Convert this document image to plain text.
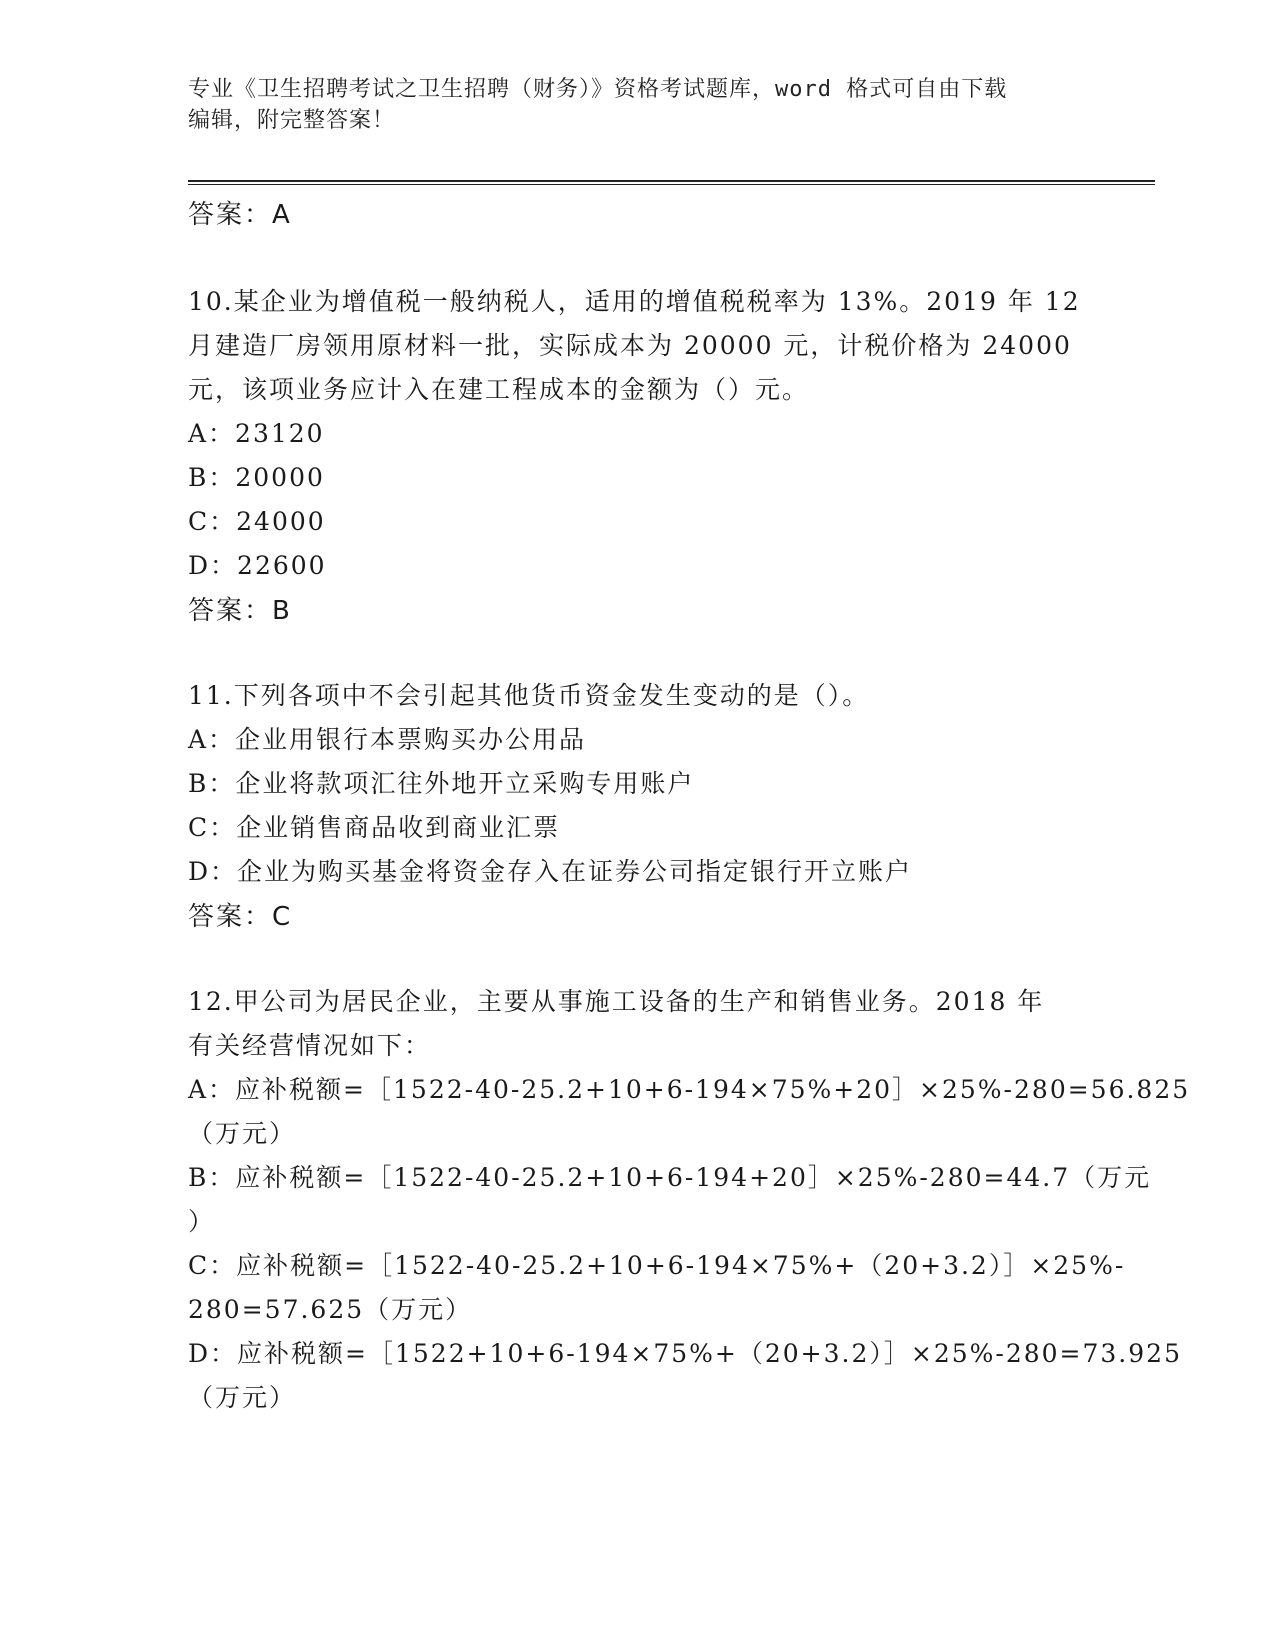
专业《卫生招聘考试之卫生招聘（财务）》资格考试题库，word 格式可自由下载
编辑，附完整答案！
答案：A
10.某企业为增值税一般纳税人，适用的增值税税率为 13%。2019 年 12
月建造厂房领用原材料一批，实际成本为 20000 元，计税价格为 24000
元，该项业务应计入在建工程成本的金额为（）元。
A：23120
B：20000
C：24000
D：22600
答案：B
11.下列各项中不会引起其他货币资金发生变动的是（）。
A：企业用银行本票购买办公用品
B：企业将款项汇往外地开立采购专用账户
C：企业销售商品收到商业汇票
D：企业为购买基金将资金存入在证券公司指定银行开立账户
答案：C
12.甲公司为居民企业，主要从事施工设备的生产和销售业务。2018 年
有关经营情况如下：
A：应补税额=［1522-40-25.2+10+6-194×75%+20］×25%-280=56.825
（万元）
B：应补税额=［1522-40-25.2+10+6-194+20］×25%-280=44.7（万元
）
C：应补税额=［1522-40-25.2+10+6-194×75%+（20+3.2）］×25%-
280=57.625（万元）
D：应补税额=［1522+10+6-194×75%+（20+3.2）］×25%-280=73.925
（万元）
